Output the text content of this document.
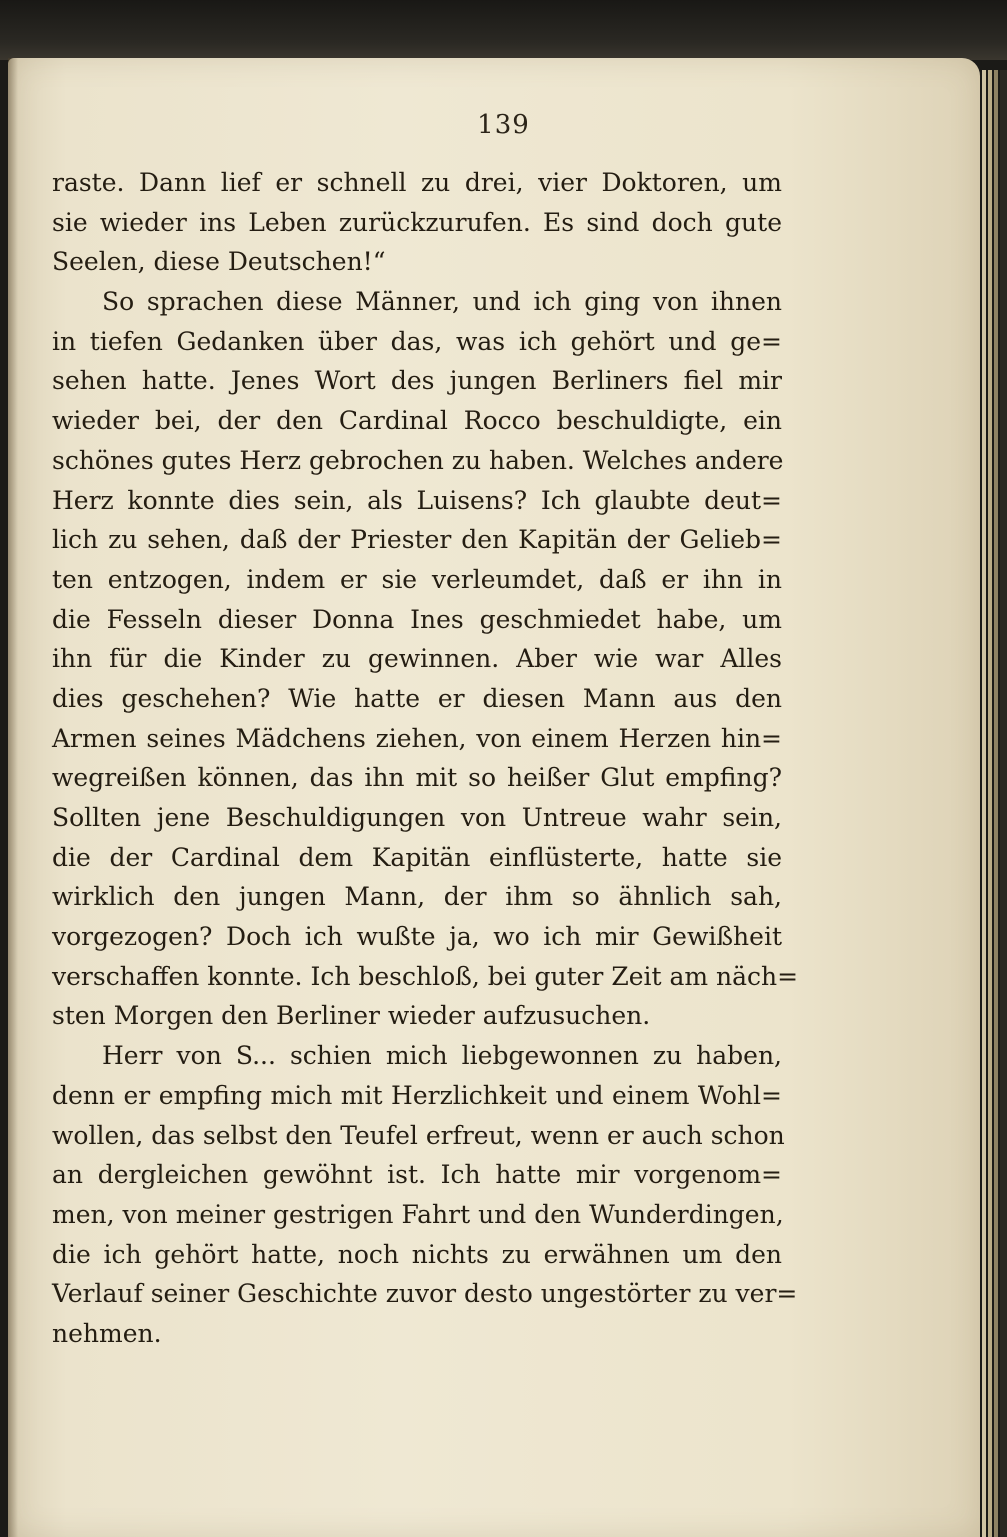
139
raste. Dann lief er schnell zu drei, vier Doktoren, um
sie wieder ins Leben zurückzurufen. Es sind doch gute
Seelen, diese Deutschen!“
So sprachen diese Männer, und ich ging von ihnen
in tiefen Gedanken über das, was ich gehört und ge=
sehen hatte. Jenes Wort des jungen Berliners fiel mir
wieder bei, der den Cardinal Rocco beschuldigte, ein
schönes gutes Herz gebrochen zu haben. Welches andere
Herz konnte dies sein, als Luisens? Ich glaubte deut=
lich zu sehen, daß der Priester den Kapitän der Gelieb=
ten entzogen, indem er sie verleumdet, daß er ihn in
die Fesseln dieser Donna Ines geschmiedet habe, um
ihn für die Kinder zu gewinnen. Aber wie war Alles
dies geschehen? Wie hatte er diesen Mann aus den
Armen seines Mädchens ziehen, von einem Herzen hin=
wegreißen können, das ihn mit so heißer Glut empfing?
Sollten jene Beschuldigungen von Untreue wahr sein,
die der Cardinal dem Kapitän einflüsterte, hatte sie
wirklich den jungen Mann, der ihm so ähnlich sah,
vorgezogen? Doch ich wußte ja, wo ich mir Gewißheit
verschaffen konnte. Ich beschloß, bei guter Zeit am näch=
sten Morgen den Berliner wieder aufzusuchen.
Herr von S... schien mich liebgewonnen zu haben,
denn er empfing mich mit Herzlichkeit und einem Wohl=
wollen, das selbst den Teufel erfreut, wenn er auch schon
an dergleichen gewöhnt ist. Ich hatte mir vorgenom=
men, von meiner gestrigen Fahrt und den Wunderdingen,
die ich gehört hatte, noch nichts zu erwähnen um den
Verlauf seiner Geschichte zuvor desto ungestörter zu ver=
nehmen.
